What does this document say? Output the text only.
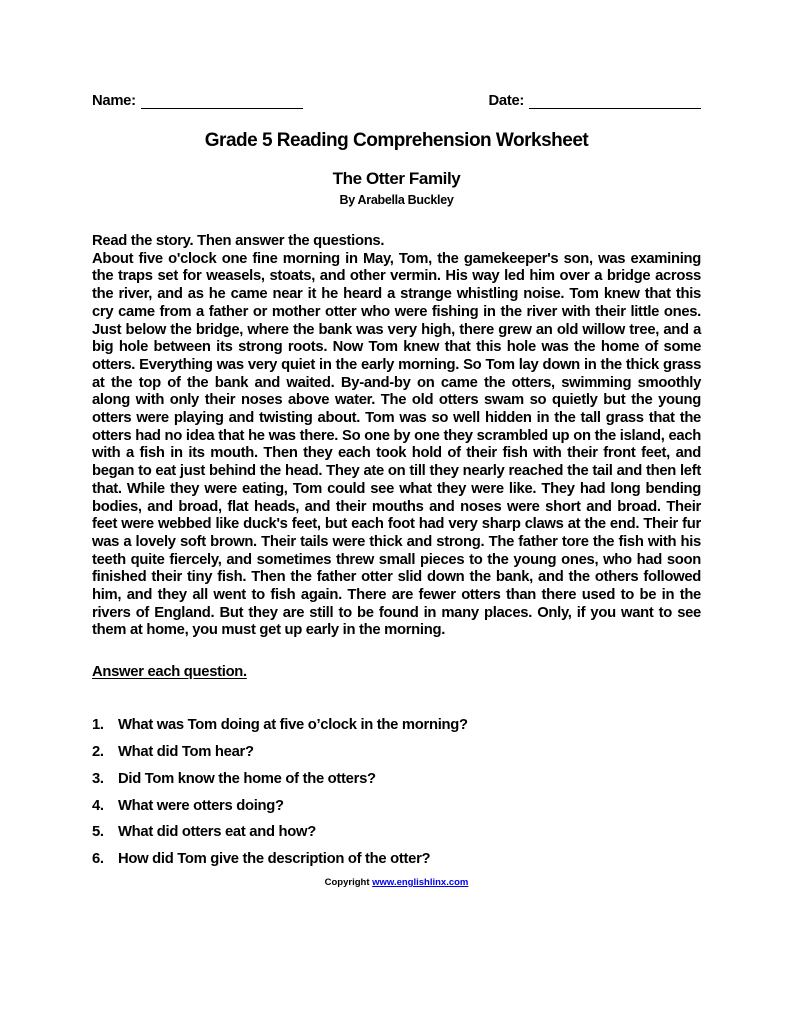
Name:	Date:
Grade 5 Reading Comprehension Worksheet
The Otter Family
By Arabella Buckley
Read the story. Then answer the questions.
About five o'clock one fine morning in May, Tom, the gamekeeper's son, was examining the traps set for weasels, stoats, and other vermin. His way led him over a bridge across the river, and as he came near it he heard a strange whistling noise. Tom knew that this cry came from a father or mother otter who were fishing in the river with their little ones. Just below the bridge, where the bank was very high, there grew an old willow tree, and a big hole between its strong roots. Now Tom knew that this hole was the home of some otters. Everything was very quiet in the early morning. So Tom lay down in the thick grass at the top of the bank and waited. By-and-by on came the otters, swimming smoothly along with only their noses above water. The old otters swam so quietly but the young otters were playing and twisting about. Tom was so well hidden in the tall grass that the otters had no idea that he was there. So one by one they scrambled up on the island, each with a fish in its mouth. Then they each took hold of their fish with their front feet, and began to eat just behind the head. They ate on till they nearly reached the tail and then left that. While they were eating, Tom could see what they were like. They had long bending bodies, and broad, flat heads, and their mouths and noses were short and broad. Their feet were webbed like duck's feet, but each foot had very sharp claws at the end. Their fur was a lovely soft brown. Their tails were thick and strong. The father tore the fish with his teeth quite fiercely, and sometimes threw small pieces to the young ones, who had soon finished their tiny fish. Then the father otter slid down the bank, and the others followed him, and they all went to fish again. There are fewer otters than there used to be in the rivers of England. But they are still to be found in many places. Only, if you want to see them at home, you must get up early in the morning.
Answer each question.
1. What was Tom doing at five o’clock in the morning?
2. What did Tom hear?
3. Did Tom know the home of the otters?
4. What were otters doing?
5. What did otters eat and how?
6. How did Tom give the description of the otter?
Copyright www.englishlinx.com
